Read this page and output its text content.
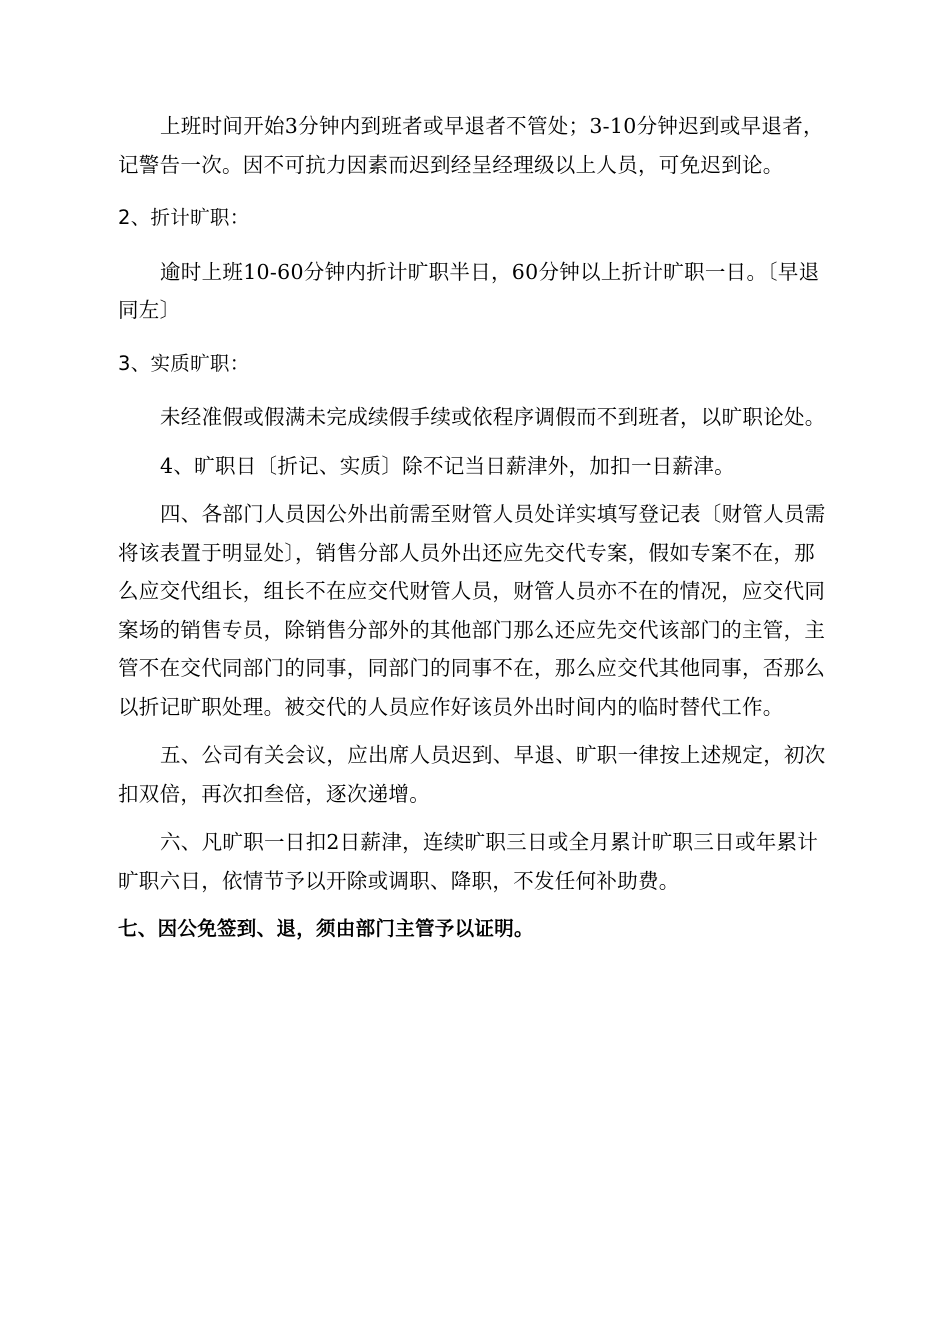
上班时间开始3分钟内到班者或早退者不管处；3-10分钟迟到或早退者，记警告一次。因不可抗力因素而迟到经呈经理级以上人员，可免迟到论。

2、折计旷职：

逾时上班10-60分钟内折计旷职半日，60分钟以上折计旷职一日。〔早退同左〕

3、实质旷职：

未经准假或假满未完成续假手续或依程序调假而不到班者，以旷职论处。

4、旷职日〔折记、实质〕除不记当日薪津外，加扣一日薪津。

四、各部门人员因公外出前需至财管人员处详实填写登记表〔财管人员需将该表置于明显处〕，销售分部人员外出还应先交代专案，假如专案不在，那么应交代组长，组长不在应交代财管人员，财管人员亦不在的情况，应交代同案场的销售专员，除销售分部外的其他部门那么还应先交代该部门的主管，主管不在交代同部门的同事，同部门的同事不在，那么应交代其他同事，否那么以折记旷职处理。被交代的人员应作好该员外出时间内的临时替代工作。

五、公司有关会议，应出席人员迟到、早退、旷职一律按上述规定，初次扣双倍，再次扣叁倍，逐次递增。

六、凡旷职一日扣2日薪津，连续旷职三日或全月累计旷职三日或年累计旷职六日，依情节予以开除或调职、降职，不发任何补助费。

七、因公免签到、退，须由部门主管予以证明。
